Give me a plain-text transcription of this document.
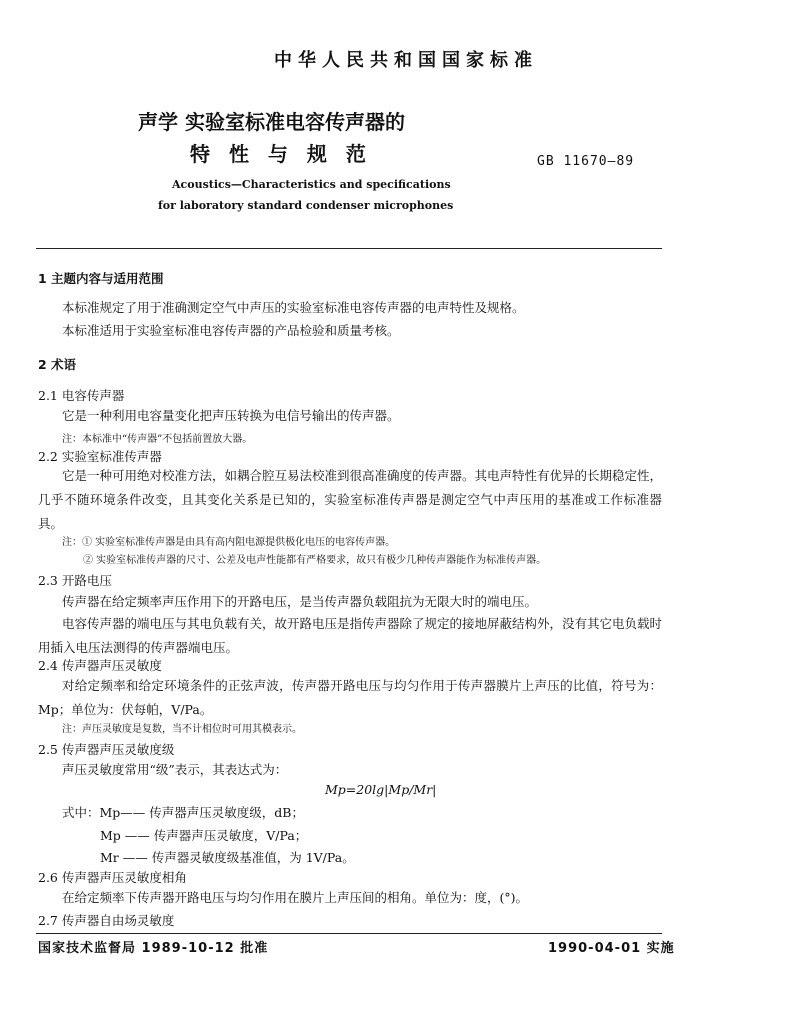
中华人民共和国国家标准
声学 实验室标准电容传声器的
特 性 与 规 范	GB 11670—89
Acoustics—Characteristics and specifications
for laboratory standard condenser microphones
1 主题内容与适用范围
本标准规定了用于准确测定空气中声压的实验室标准电容传声器的电声特性及规格。
本标准适用于实验室标准电容传声器的产品检验和质量考核。
2 术语
2.1 电容传声器
它是一种利用电容量变化把声压转换为电信号输出的传声器。
注：本标准中“传声器”不包括前置放大器。
2.2 实验室标准传声器
它是一种可用绝对校准方法，如耦合腔互易法校准到很高准确度的传声器。其电声特性有优异的长期稳定性，几乎不随环境条件改变，且其变化关系是已知的，实验室标准传声器是测定空气中声压用的基准或工作标准器具。
注：① 实验室标准传声器是由具有高内阻电源提供极化电压的电容传声器。
② 实验室标准传声器的尺寸、公差及电声性能都有严格要求，故只有极少几种传声器能作为标准传声器。
2.3 开路电压
传声器在给定频率声压作用下的开路电压，是当传声器负载阻抗为无限大时的端电压。
电容传声器的端电压与其电负载有关，故开路电压是指传声器除了规定的接地屏蔽结构外，没有其它电负载时用插入电压法测得的传声器端电压。
2.4 传声器声压灵敏度
对给定频率和给定环境条件的正弦声波，传声器开路电压与均匀作用于传声器膜片上声压的比值，符号为：Mp；单位为：伏每帕，V/Pa。
注：声压灵敏度是复数，当不计相位时可用其模表示。
2.5 传声器声压灵敏度级
声压灵敏度常用“级”表示，其表达式为：
Mp=20lg|Mp/Mr|
式中：Mp—— 传声器声压灵敏度级，dB；
Mp —— 传声器声压灵敏度，V/Pa；
Mr —— 传声器灵敏度级基准值，为 1V/Pa。
2.6 传声器声压灵敏度相角
在给定频率下传声器开路电压与均匀作用在膜片上声压间的相角。单位为：度，(°)。
2.7 传声器自由场灵敏度
国家技术监督局 1989-10-12 批准	1990-04-01 实施
